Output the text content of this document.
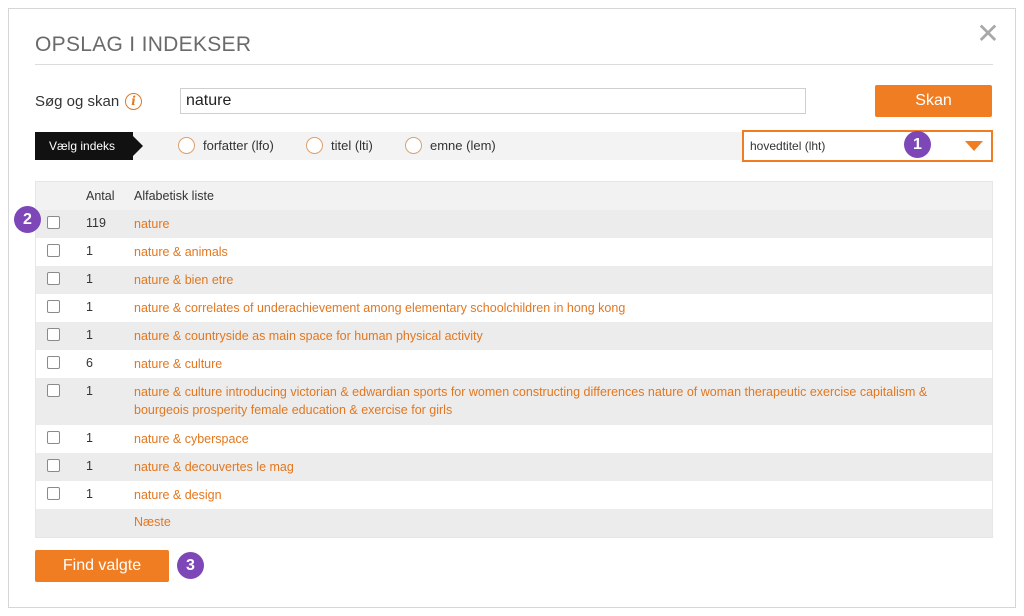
OPSLAG I INDEKSER	✕
Søg og skan	i
nature	Skan
Vælg indeks	forfatter (lfo)	titel (lti)	emne (lem)	hovedtitel (lht)
Antal Alfabetisk liste
119 nature
1	nature & animals
1	nature & bien etre
1	nature & correlates of underachievement among elementary schoolchildren in hong kong
1	nature & countryside as main space for human physical activity
6	nature & culture
1	nature & culture introducing victorian & edwardian sports for women constructing differences nature of woman therapeutic exercise capitalism & bourgeois prosperity female education & exercise for girls
1	nature & cyberspace
1	nature & decouvertes le mag
1	nature & design
Næste
Find valgte
1
2
3
